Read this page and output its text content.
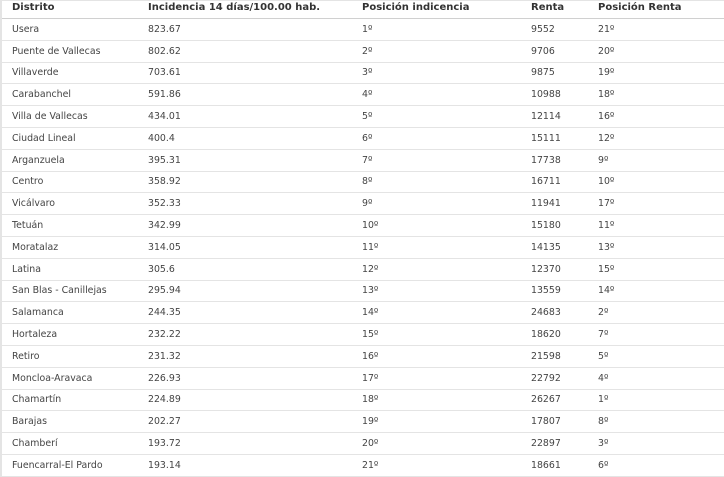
Distrito	Incidencia 14 días/100.00 hab.	Posición indicencia	Renta	Posición Renta
Usera	823.67	1º	9552	21º
Puente de Vallecas	802.62	2º	9706	20º
Villaverde	703.61	3º	9875	19º
Carabanchel	591.86	4º	10988	18º
Villa de Vallecas	434.01	5º	12114	16º
Ciudad Lineal	400.4	6º	15111	12º
Arganzuela	395.31	7º	17738	9º
Centro	358.92	8º	16711	10º
Vicálvaro	352.33	9º	11941	17º
Tetuán	342.99	10º	15180	11º
Moratalaz	314.05	11º	14135	13º
Latina	305.6	12º	12370	15º
San Blas - Canillejas	295.94	13º	13559	14º
Salamanca	244.35	14º	24683	2º
Hortaleza	232.22	15º	18620	7º
Retiro	231.32	16º	21598	5º
Moncloa-Aravaca	226.93	17º	22792	4º
Chamartín	224.89	18º	26267	1º
Barajas	202.27	19º	17807	8º
Chamberí	193.72	20º	22897	3º
Fuencarral-El Pardo	193.14	21º	18661	6º
